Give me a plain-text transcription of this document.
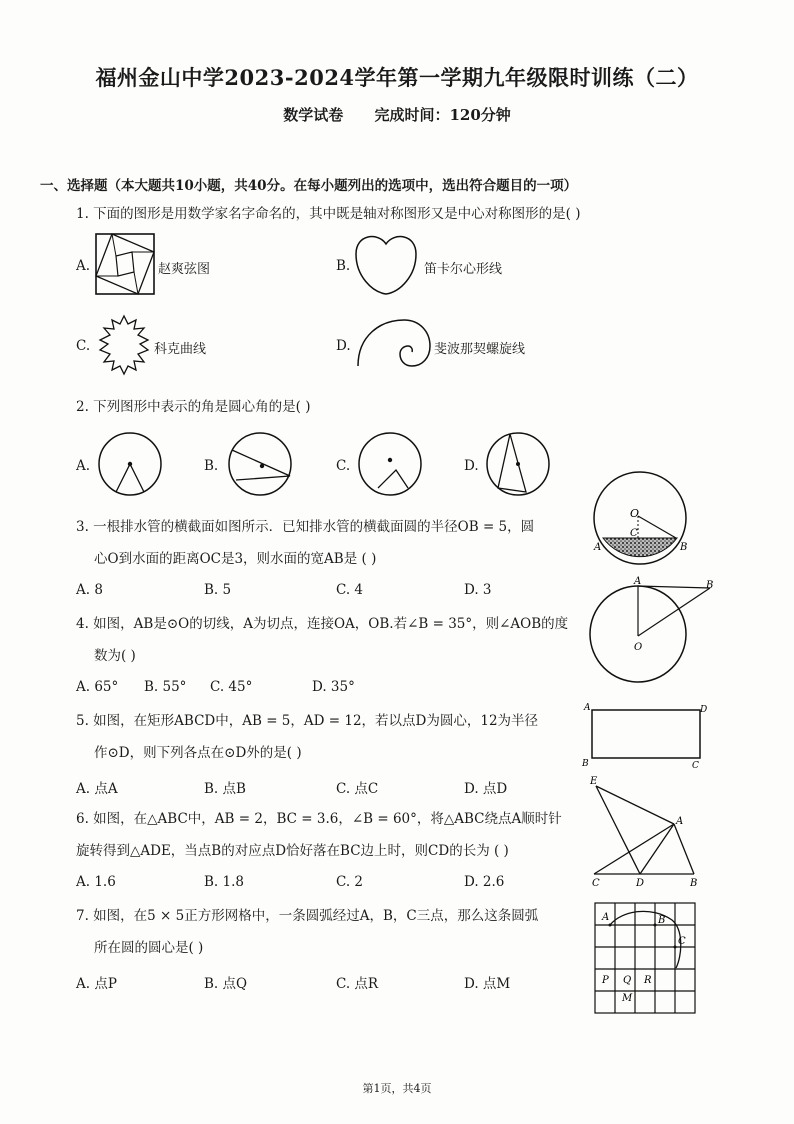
福州金山中学2023-2024学年第一学期九年级限时训练（二）
数学试卷 完成时间：120分钟
一、选择题（本大题共10小题，共40分。在每小题列出的选项中，选出符合题目的一项）
1. 下面的图形是用数学家名字命名的，其中既是轴对称图形又是中心对称图形的是( )
A.	赵爽弦图	B.	笛卡尔心形线
C.	科克曲线	D.	斐波那契螺旋线
2. 下列图形中表示的角是圆心角的是( )
A.	B.	C.	D.
3. 一根排水管的横截面如图所示．已知排水管的横截面圆的半径OB = 5，圆
心O到水面的距离OC是3，则水面的宽AB是 ( )
A. 8	B. 5	C. 4	D. 3
O
C
A	B
4. 如图，AB是⊙O的切线，A为切点，连接OA，OB.若∠B = 35°，则∠AOB的度
数为( )
A. 65° B. 55° C. 45°	D. 35°
A	B
O
5. 如图，在矩形ABCD中，AB = 5，AD = 12，若以点D为圆心，12为半径
作⊙D，则下列各点在⊙D外的是( )
A. 点A	B. 点B	C. 点C	D. 点D
A	D
B	C
6. 如图，在△ABC中，AB = 2，BC = 3.6，∠B = 60°，将△ABC绕点A顺时针
旋转得到△ADE，当点B的对应点D恰好落在BC边上时，则CD的长为 ( )
A. 1.6	B. 1.8	C. 2	D. 2.6
E
A
C	D	B
7. 如图，在5 × 5正方形网格中，一条圆弧经过A，B，C三点，那么这条圆弧
所在圆的圆心是( )
A. 点P	B. 点Q	C. 点R	D. 点M
A	B
C
P Q R
M
第1页，共4页
